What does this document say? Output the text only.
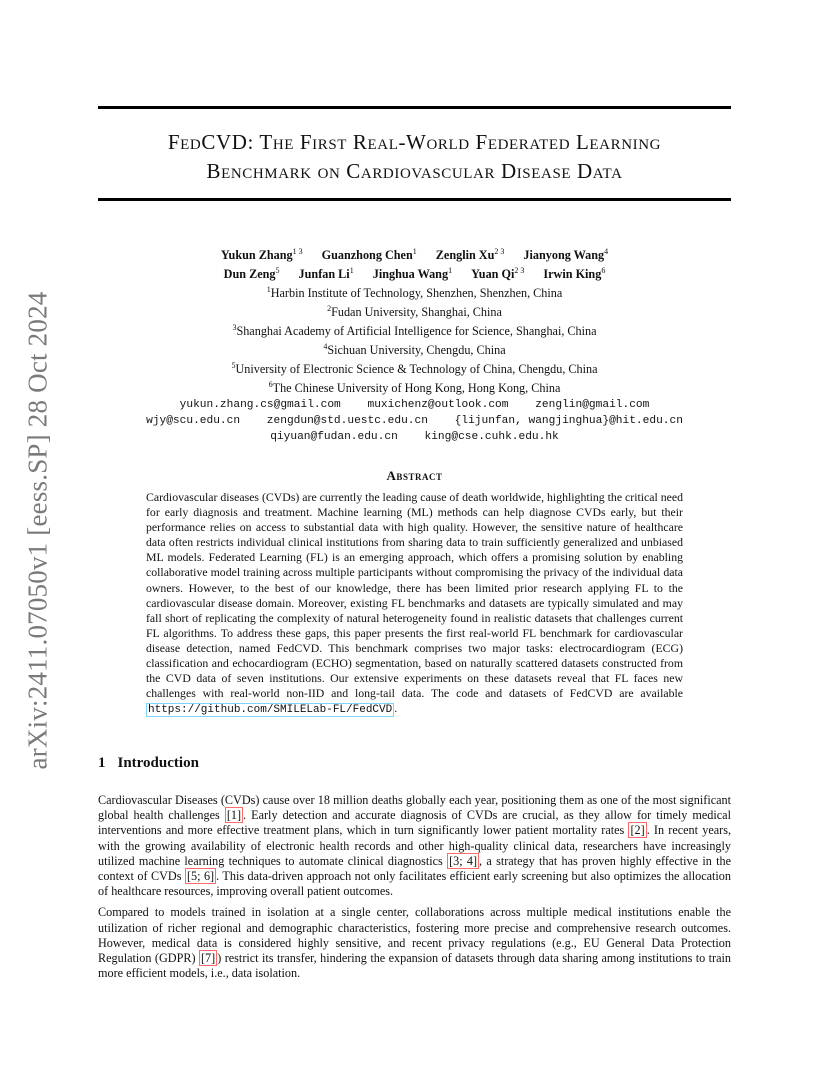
arXiv:2411.07050v1 [eess.SP] 28 Oct 2024
FedCVD: The First Real-World Federated Learning
Benchmark on Cardiovascular Disease Data
Yukun Zhang$^{1 3}$ Guanzhong Chen$^1$ Zenglin $Xu^{2 3}$ Jianyong Wang$^4$
Dun Zeng$^5$ Junfan Li$^1$ Jinghua Wang$^1$ Yuan $Qi^{2 3}$ Irwin King$^6$
$^1$Harbin Institute of Technology, Shenzhen, Shenzhen, China
$^2$Fudan University, Shanghai, China
$^3$Shanghai Academy of Artificial Intelligence for Science, Shanghai, China
$^4$Sichuan University, Chengdu, China
$^5$University of Electronic Science & Technology of China, Chengdu, China
$^6$The Chinese University of Hong Kong, Hong Kong, China
yukun.zhang.cs@gmail.com muxichenz@outlook.com zenglin@gmail.com
wjy@scu.edu.cn zengdun@std.uestc.edu.cn {lijunfan, wangjinghua}@hit.edu.cn
qiyuan@fudan.edu.cn king@cse.cuhk.edu.hk
Abstract
Cardiovascular diseases (CVDs) are currently the leading cause of death worldwide, highlighting the critical need for early diagnosis and treatment. Machine learning (ML) methods can help diagnose CVDs early, but their performance relies on access to substantial data with high quality. However, the sensitive nature of healthcare data often restricts individual clinical institutions from sharing data to train sufficiently generalized and unbiased ML models. Federated Learning (FL) is an emerging approach, which offers a promising solution by enabling collaborative model training across multiple participants without compromising the privacy of the individual data owners. However, to the best of our knowledge, there has been limited prior research applying FL to the cardiovascular disease domain. Moreover, existing FL benchmarks and datasets are typically simulated and may fall short of replicating the complexity of natural heterogeneity found in realistic datasets that challenges current FL algorithms. To address these gaps, this paper presents the first real-world FL benchmark for cardiovascular disease detection, named FedCVD. This benchmark comprises two major tasks: electrocardiogram (ECG) classification and echocardiogram (ECHO) segmentation, based on naturally scattered datasets constructed from the CVD data of seven institutions. Our extensive experiments on these datasets reveal that FL faces new challenges with real-world non-IID and long-tail data. The code and datasets of FedCVD are available https://github.com/SMILELab-FL/FedCVD .
1 Introduction

Cardiovascular Diseases (CVDs) cause over 18 million deaths globally each year, positioning them as one of the most significant global health challenges [1] . Early detection and accurate diagnosis of CVDs are crucial, as they allow for timely medical interventions and more effective treatment plans, which in turn significantly lower patient mortality rates [2] . In recent years, with the growing availability of electronic health records and other high-quality clinical data, researchers have increasingly utilized machine learning techniques to automate clinical diagnostics [3; 4] , a strategy that has proven highly effective in the context of CVDs [5; 6] . This data-driven approach not only facilitates efficient early screening but also optimizes the allocation of healthcare resources, improving overall patient outcomes.

Compared to models trained in isolation at a single center, collaborations across multiple medical institutions enable the utilization of richer regional and demographic characteristics, fostering more precise and comprehensive research outcomes. However, medical data is considered highly sensitive, and recent privacy regulations (e.g., EU General Data Protection Regulation (GDPR) [7] ) restrict its transfer, hindering the expansion of datasets through data sharing among institutions to train more efficient models, i.e., data isolation.
